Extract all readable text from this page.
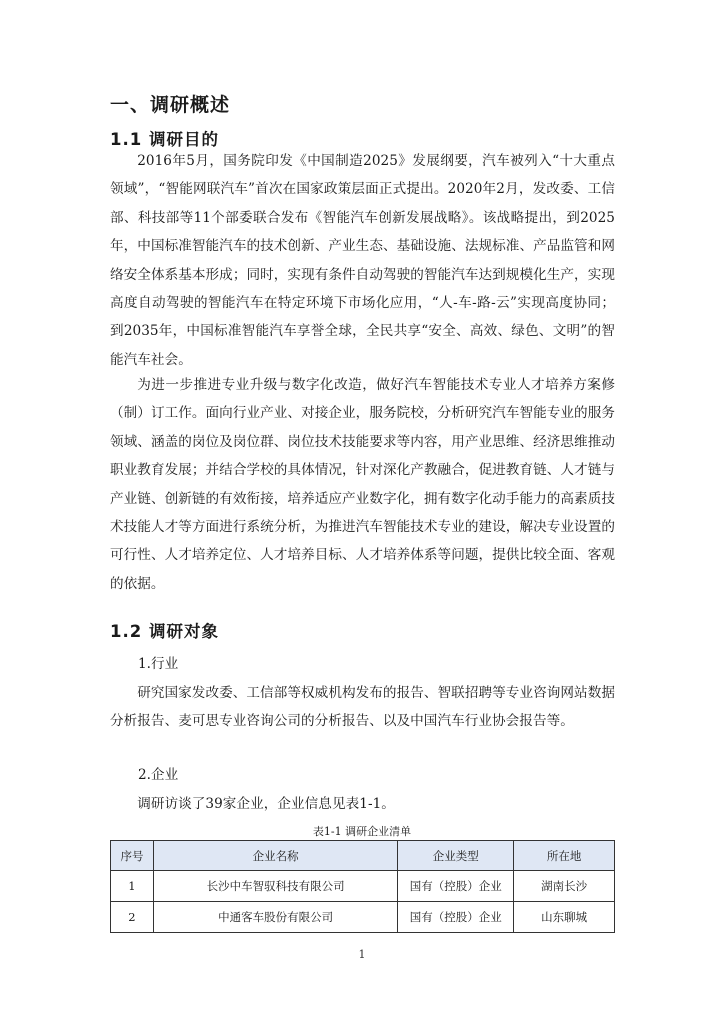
一、调研概述
1.1 调研目的

2016年5月，国务院印发《中国制造2025》发展纲要，汽车被列入“十大重点领域”，“智能网联汽车”首次在国家政策层面正式提出。2020年2月，发改委、工信部、科技部等11个部委联合发布《智能汽车创新发展战略》。该战略提出，到2025年，中国标准智能汽车的技术创新、产业生态、基础设施、法规标准、产品监管和网络安全体系基本形成；同时，实现有条件自动驾驶的智能汽车达到规模化生产，实现高度自动驾驶的智能汽车在特定环境下市场化应用，“人-车-路-云”实现高度协同；到2035年，中国标准智能汽车享誉全球，全民共享“安全、高效、绿色、文明”的智能汽车社会。

为进一步推进专业升级与数字化改造，做好汽车智能技术专业人才培养方案修（制）订工作。面向行业产业、对接企业，服务院校，分析研究汽车智能专业的服务领域、涵盖的岗位及岗位群、岗位技术技能要求等内容，用产业思维、经济思维推动职业教育发展；并结合学校的具体情况，针对深化产教融合，促进教育链、人才链与产业链、创新链的有效衔接，培养适应产业数字化，拥有数字化动手能力的高素质技术技能人才等方面进行系统分析，为推进汽车智能技术专业的建设，解决专业设置的可行性、人才培养定位、人才培养目标、人才培养体系等问题，提供比较全面、客观的依据。

1.2 调研对象

1.行业

研究国家发改委、工信部等权威机构发布的报告、智联招聘等专业咨询网站数据分析报告、麦可思专业咨询公司的分析报告、以及中国汽车行业协会报告等。

2.企业

调研访谈了39家企业，企业信息见表1-1。

表1-1 调研企业清单
序号	企业名称	企业类型	所在地
1	长沙中车智驭科技有限公司	国有（控股）企业	湖南长沙
2	中通客车股份有限公司	国有（控股）企业	山东聊城
1
